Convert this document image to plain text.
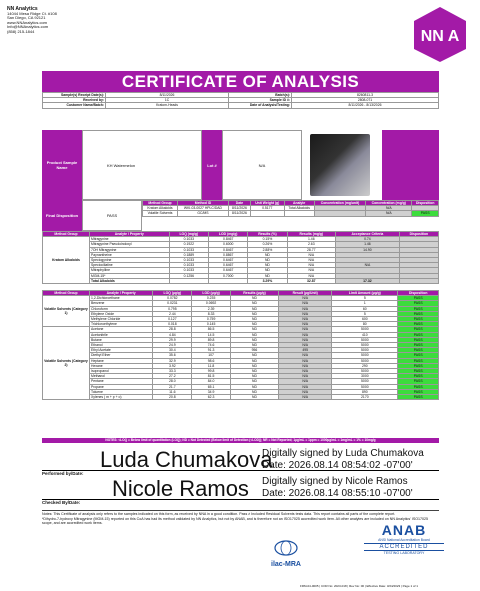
NN Analytics
14044 Mesa Ridge Ct. #108
San Diego, CA 92121
www.NNAnalytics.com
Info@NNAnalytics.com
(858) 215-1844	NN A
CERTIFICATE OF ANALYSIS
Sample(s) Receipt Date(s):	8/11/2026	Batch(s):	8260811-3
Received by:	1C	Sample ID #:	2808-071
Customer Name/Batch:	Kratom-Heads	Date of Analysis/Testing:	8/11/2026 - 8/13/2026
Product Sample Name	KH Watermelon	Lot #	N/A
Final Disposition	PASS
Method Group	Method ID	Date	Unit Weight (g)	Analyte	Concentration (mg/unit)	Concentration (mg/g)	Disposition
Kratom Alkaloids	WKI-03-0027 HPLC/DAD	8/11/2026	0.5177	Total Alkaloids		N/A	
Volatile Solvents	GC/MS	8/11/2026				N/A	PASS
Method Group	Analyte / Property	LOQ (mg/g)	LOD (mg/g)	Results (%)	Results (mg/g)	Acceptance Criteria	Disposition
Kratom Alkaloids	Mitragynine	0.1033	0.8467	0.15%	1.46	0.74	
	Mitragynine Pseudoindoxyl	0.1922	0.6000	0.26%	2.63	1.46	
	7OH Mitragynine	0.1033	0.8467	2.88%	28.77	14.90	
	Paynantheine	0.1889	0.8867	ND	N/A		
	Speciogynine	0.1033	0.6467	ND	N/A		
	Speciociliatine	0.1033	0.6467	ND	N/A	N/A	
	Mitraphylline	0.1033	0.6467	ND	N/A		
	MGM-15*	0.1256	0.7000	ND	N/A		
	Total Alkaloids			3.29%	32.87	17.32	
Method Group	Analyte / Property	LOQ (µg/g)	LOD (µg/g)	Results (µg/g)	Result (µg/Unit)	Limit Amount (µg/g)	Disposition
Volatile Solvents (Category 1)	1,2-Dichloroethane	0.0782	0.235	ND	N/A	5	PASS
	Benzene	0.0231	0.0692	ND	N/A	1	PASS
	Chloroform	0.795	2.39	ND	N/A	60	PASS
	Ethylene Oxide	2.44	8.33	ND	N/A	5	PASS
	Methylene Chloride	0.127	0.759	ND	N/A	600	PASS
	Trichloroethylene	0.018	0.145	ND	N/A	80	PASS
Volatile Solvents (Category 2)	Acetone	28.8	86.5	ND	N/A	5000	PASS
	Acetonitrile	4.84	14.5	ND	N/A	410	PASS
	Butane	29.9	89.8	ND	N/A	5000	PASS
	Ethanol	24.9	74.6	ND	N/A	5000	PASS
	Ethyl Acetate	30.4	91.3	956	495	5000	PASS
	Diethyl Ether	35.6	107	ND	N/A	5000	PASS
	Heptane	32.9	98.6	ND	N/A	5000	PASS
	Hexane	3.92	11.8	ND	N/A	290	PASS
	Isopropanol	33.3	99.8	ND	N/A	5000	PASS
	Methanol	27.2	81.5	ND	N/A	3000	PASS
	Pentane	28.0	84.0	ND	N/A	5000	PASS
	Propane	21.7	65.1	ND	N/A	5000	PASS
	Toluene	11.6	34.9	ND	N/A	890	PASS
	Xylenes ( m + p + o)	20.8	62.3	ND	N/A	2170	PASS
NOTES: <LOQ = Below limit of quantitation (LOQ); ND = Not Detected (Below limit of Detection (<LOD)); NR = Not Reported; 1µg/mL = 1ppm = 1000µg/mL = 1mg/mL = 1% = 10mg/g
Luda Chumakova
Digitally signed by Luda Chumakova
Date: 2026.08.14 08:54:02 -07'00'
Performed by/Date:
Nicole Ramos Digitally signed by Nicole Ramos
Date: 2026.08.14 08:55:10 -07'00'
Checked By/Date:
Notes: This Certificate of analysis only refers to the samples indicated on this form, as received by NNA in a good condition. Pass ≠ Included Residual Solvents tests data. This report contains all parts of the complete report.
*Dihydro-7-hydroxy Mitragynine (MGM-15) reported on this CoA has had its method validated by NN Analytics, but not by ANAB, and is therefore not an ISO17025 accredited work item. All other analytes are included on NN Analytics' ISO17025 scope, and are accredited work items.
ilac-MRA
ANAB
ANSI National Accreditation Board
ACCREDITED
TESTING LABORATORY
FRM-04-0005 | COR No: 2023-018 | Rev No: 00 | Effective Date: 3/24/2023 | Page 1 of 1
